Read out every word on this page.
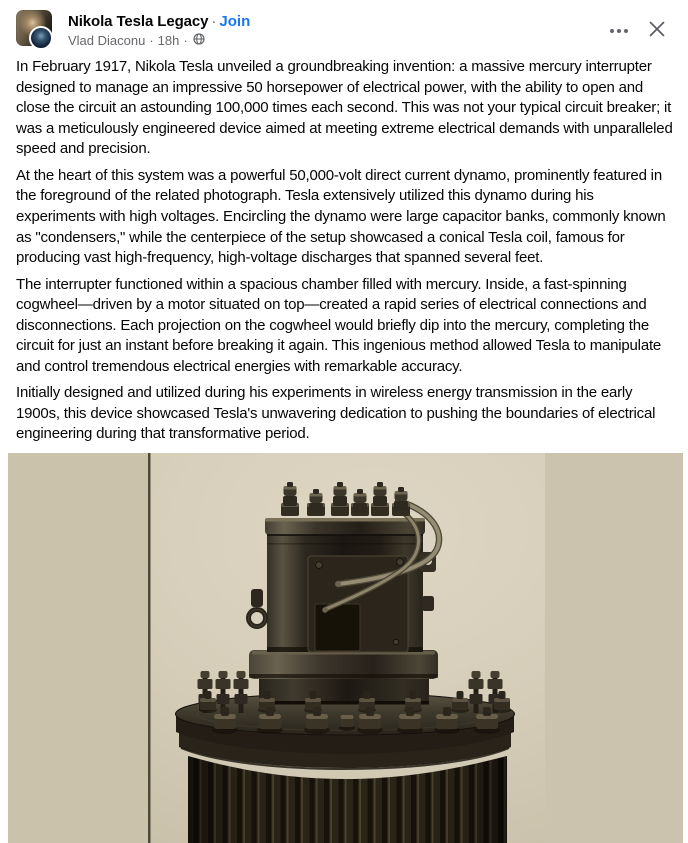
Nikola Tesla Legacy · Join
Vlad Diaconu · 18h ·

In February 1917, Nikola Tesla unveiled a groundbreaking invention: a massive mercury interrupter designed to manage an impressive 50 horsepower of electrical power, with the ability to open and close the circuit an astounding 100,000 times each second. This was not your typical circuit breaker; it was a meticulously engineered device aimed at meeting extreme electrical demands with unparalleled speed and precision.

At the heart of this system was a powerful 50,000-volt direct current dynamo, prominently featured in the foreground of the related photograph. Tesla extensively utilized this dynamo during his experiments with high voltages. Encircling the dynamo were large capacitor banks, commonly known as "condensers," while the centerpiece of the setup showcased a conical Tesla coil, famous for producing vast high-frequency, high-voltage discharges that spanned several feet.

The interrupter functioned within a spacious chamber filled with mercury. Inside, a fast-spinning cogwheel—driven by a motor situated on top—created a rapid series of electrical connections and disconnections. Each projection on the cogwheel would briefly dip into the mercury, completing the circuit for just an instant before breaking it again. This ingenious method allowed Tesla to manipulate and control tremendous electrical energies with remarkable accuracy.

Initially designed and utilized during his experiments in wireless energy transmission in the early 1900s, this device showcased Tesla's unwavering dedication to pushing the boundaries of electrical engineering during that transformative period.
